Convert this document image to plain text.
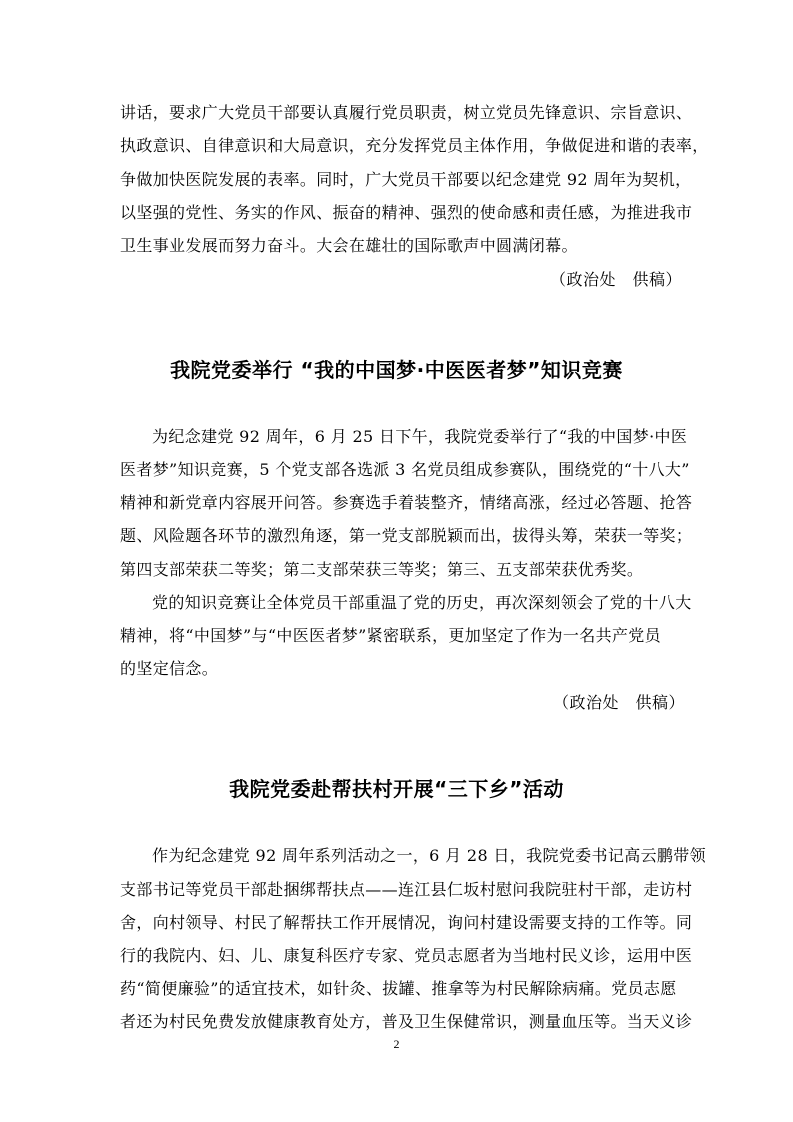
讲话，要求广大党员干部要认真履行党员职责，树立党员先锋意识、宗旨意识、
执政意识、自律意识和大局意识，充分发挥党员主体作用，争做促进和谐的表率，
争做加快医院发展的表率。同时，广大党员干部要以纪念建党 92 周年为契机，
以坚强的党性、务实的作风、振奋的精神、强烈的使命感和责任感，为推进我市
卫生事业发展而努力奋斗。大会在雄壮的国际歌声中圆满闭幕。
（政治处　供稿）
我院党委举行 “我的中国梦·中医医者梦”知识竞赛
为纪念建党 92 周年，6 月 25 日下午，我院党委举行了“我的中国梦·中医
医者梦”知识竞赛，5 个党支部各选派 3 名党员组成参赛队，围绕党的“十八大”
精神和新党章内容展开问答。参赛选手着装整齐，情绪高涨，经过必答题、抢答
题、风险题各环节的激烈角逐，第一党支部脱颖而出，拔得头筹，荣获一等奖；
第四支部荣获二等奖；第二支部荣获三等奖；第三、五支部荣获优秀奖。
党的知识竞赛让全体党员干部重温了党的历史，再次深刻领会了党的十八大
精神，将“中国梦”与“中医医者梦”紧密联系，更加坚定了作为一名共产党员
的坚定信念。
（政治处　供稿）
我院党委赴帮扶村开展“三下乡”活动
作为纪念建党 92 周年系列活动之一，6 月 28 日，我院党委书记高云鹏带领
支部书记等党员干部赴捆绑帮扶点——连江县仁坂村慰问我院驻村干部，走访村
舍，向村领导、村民了解帮扶工作开展情况，询问村建设需要支持的工作等。同
行的我院内、妇、儿、康复科医疗专家、党员志愿者为当地村民义诊，运用中医
药“简便廉验”的适宜技术，如针灸、拔罐、推拿等为村民解除病痛。党员志愿
者还为村民免费发放健康教育处方，普及卫生保健常识，测量血压等。当天义诊
2
